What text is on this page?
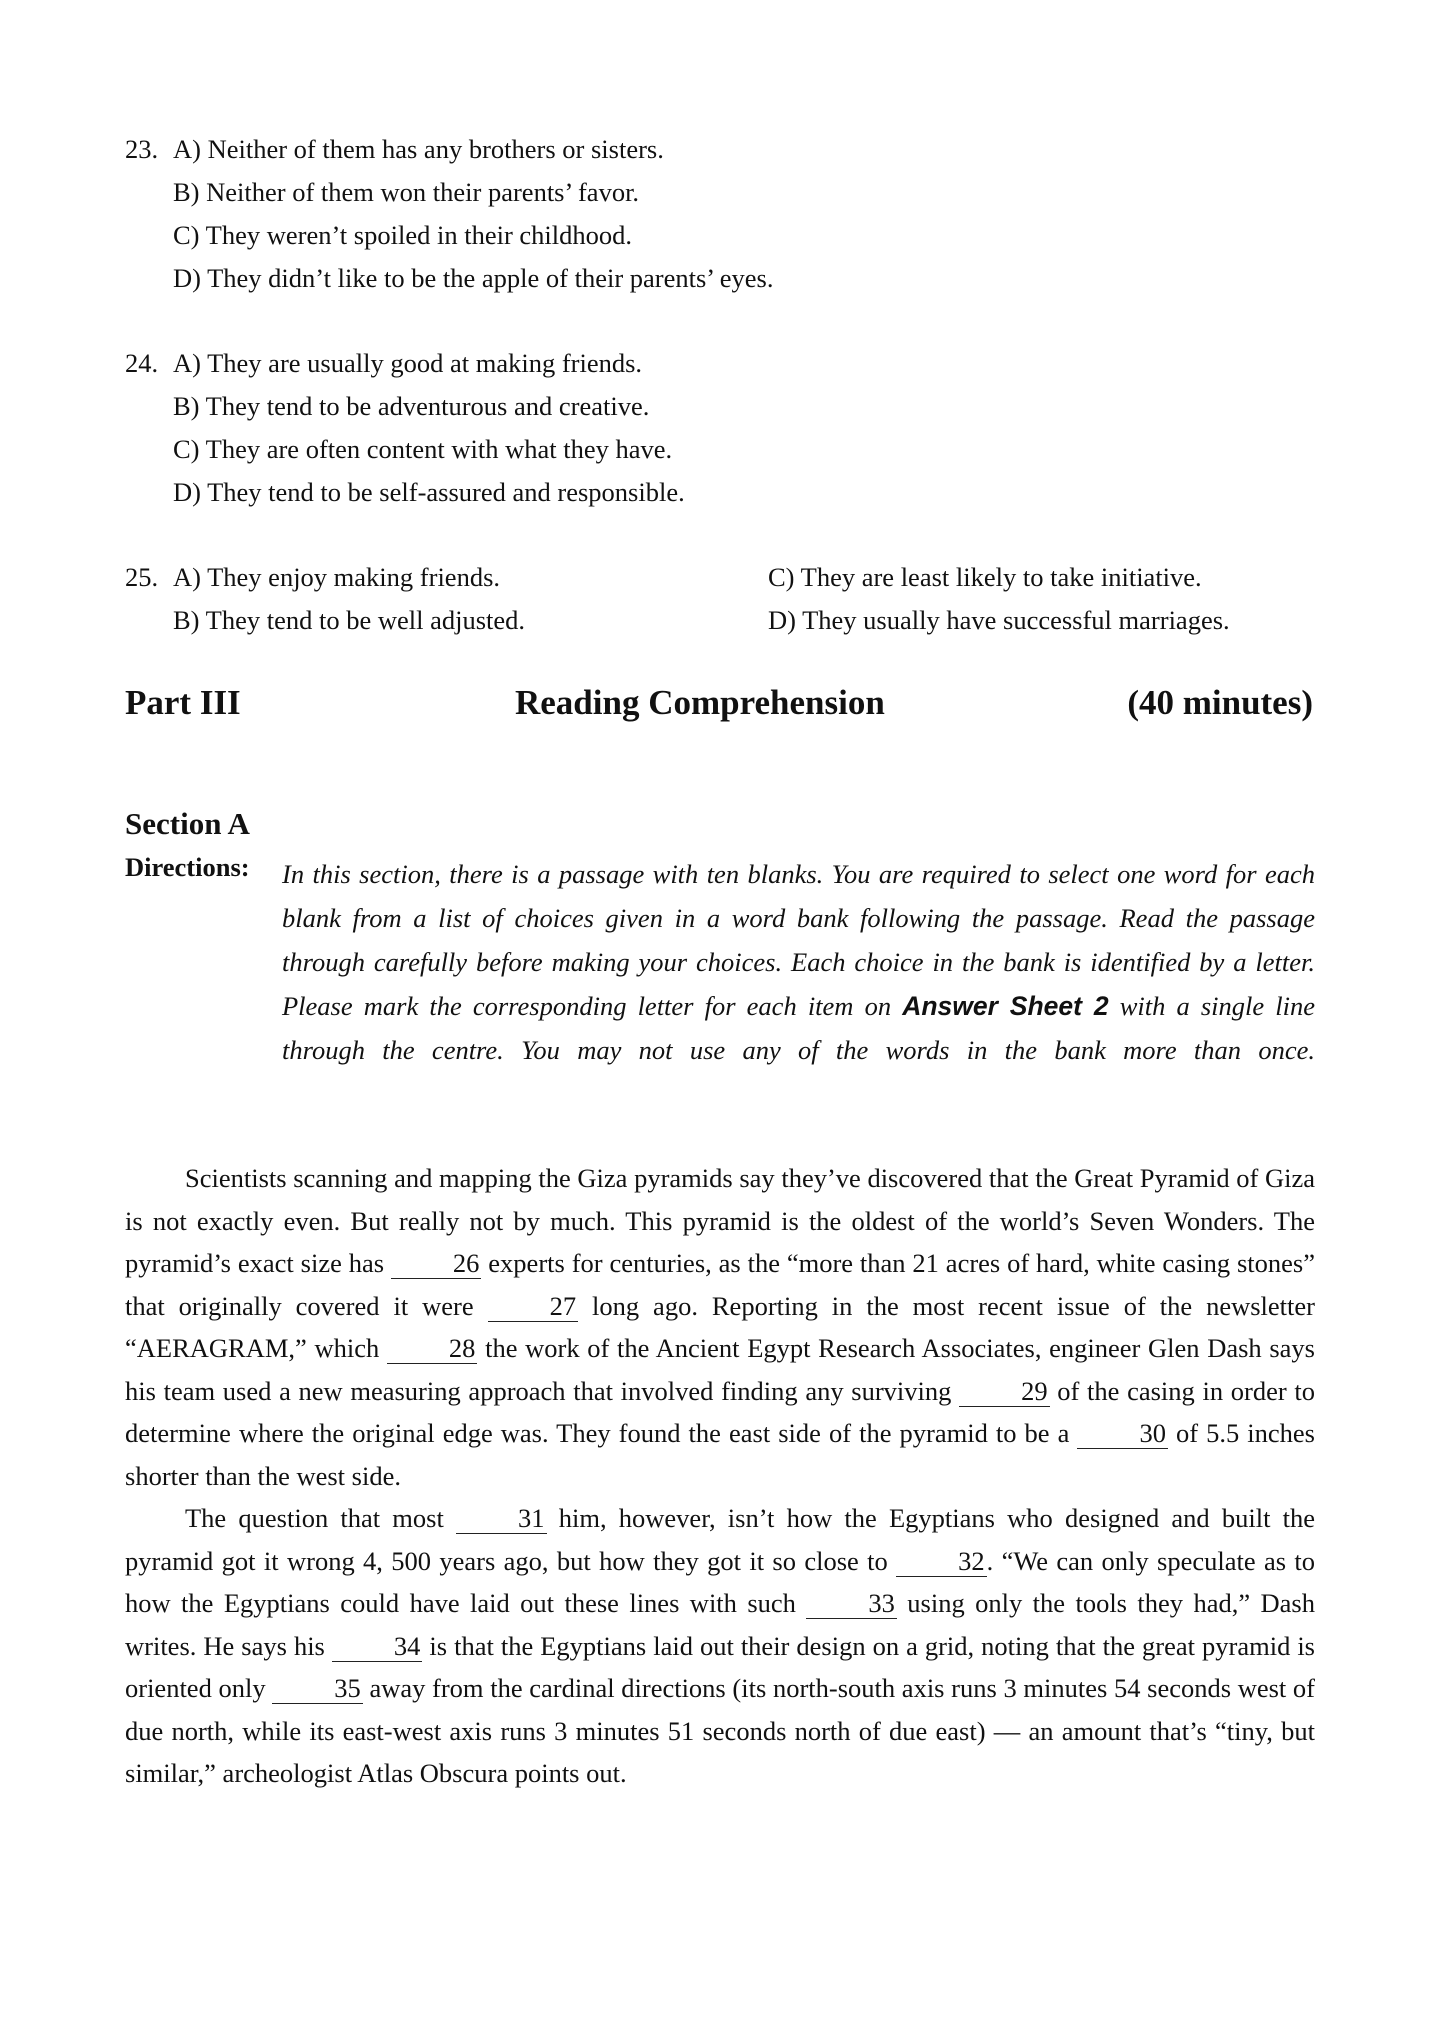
23. A) Neither of them has any brothers or sisters.
B) Neither of them won their parents’ favor.
C) They weren’t spoiled in their childhood.
D) They didn’t like to be the apple of their parents’ eyes.
24. A) They are usually good at making friends.
B) They tend to be adventurous and creative.
C) They are often content with what they have.
D) They tend to be self-assured and responsible.
25. A) They enjoy making friends.	C) They are least likely to take initiative.
B) They tend to be well adjusted.	D) They usually have successful marriages.
Part III	Reading Comprehension	(40 minutes)
Section A
Directions: In this section, there is a passage with ten blanks. You are required to select one word for each blank from a list of choices given in a word bank following the passage. Read the passage through carefully before making your choices. Each choice in the bank is identified by a letter. Please mark the corresponding letter for each item on Answer Sheet 2 with a single line through the centre. You may not use any of the words in the bank more than once.

Scientists scanning and mapping the Giza pyramids say they’ve discovered that the Great Pyramid of Giza is not exactly even. But really not by much. This pyramid is the oldest of the world’s Seven Wonders. The pyramid’s exact size has 26 experts for centuries, as the “more than 21 acres of hard, white casing stones” that originally covered it were 27 long ago. Reporting in the most recent issue of the newsletter “AERAGRAM,” which 28 the work of the Ancient Egypt Research Associates, engineer Glen Dash says his team used a new measuring approach that involved finding any surviving 29 of the casing in order to determine where the original edge was. They found the east side of the pyramid to be a 30 of 5.5 inches shorter than the west side.

The question that most 31 him, however, isn’t how the Egyptians who designed and built the pyramid got it wrong 4, 500 years ago, but how they got it so close to 32. “We can only speculate as to how the Egyptians could have laid out these lines with such 33 using only the tools they had,” Dash writes. He says his 34 is that the Egyptians laid out their design on a grid, noting that the great pyramid is oriented only 35 away from the cardinal directions (its north-south axis runs 3 minutes 54 seconds west of due north, while its east-west axis runs 3 minutes 51 seconds north of due east) — an amount that’s “tiny, but similar,” archeologist Atlas Obscura points out.
